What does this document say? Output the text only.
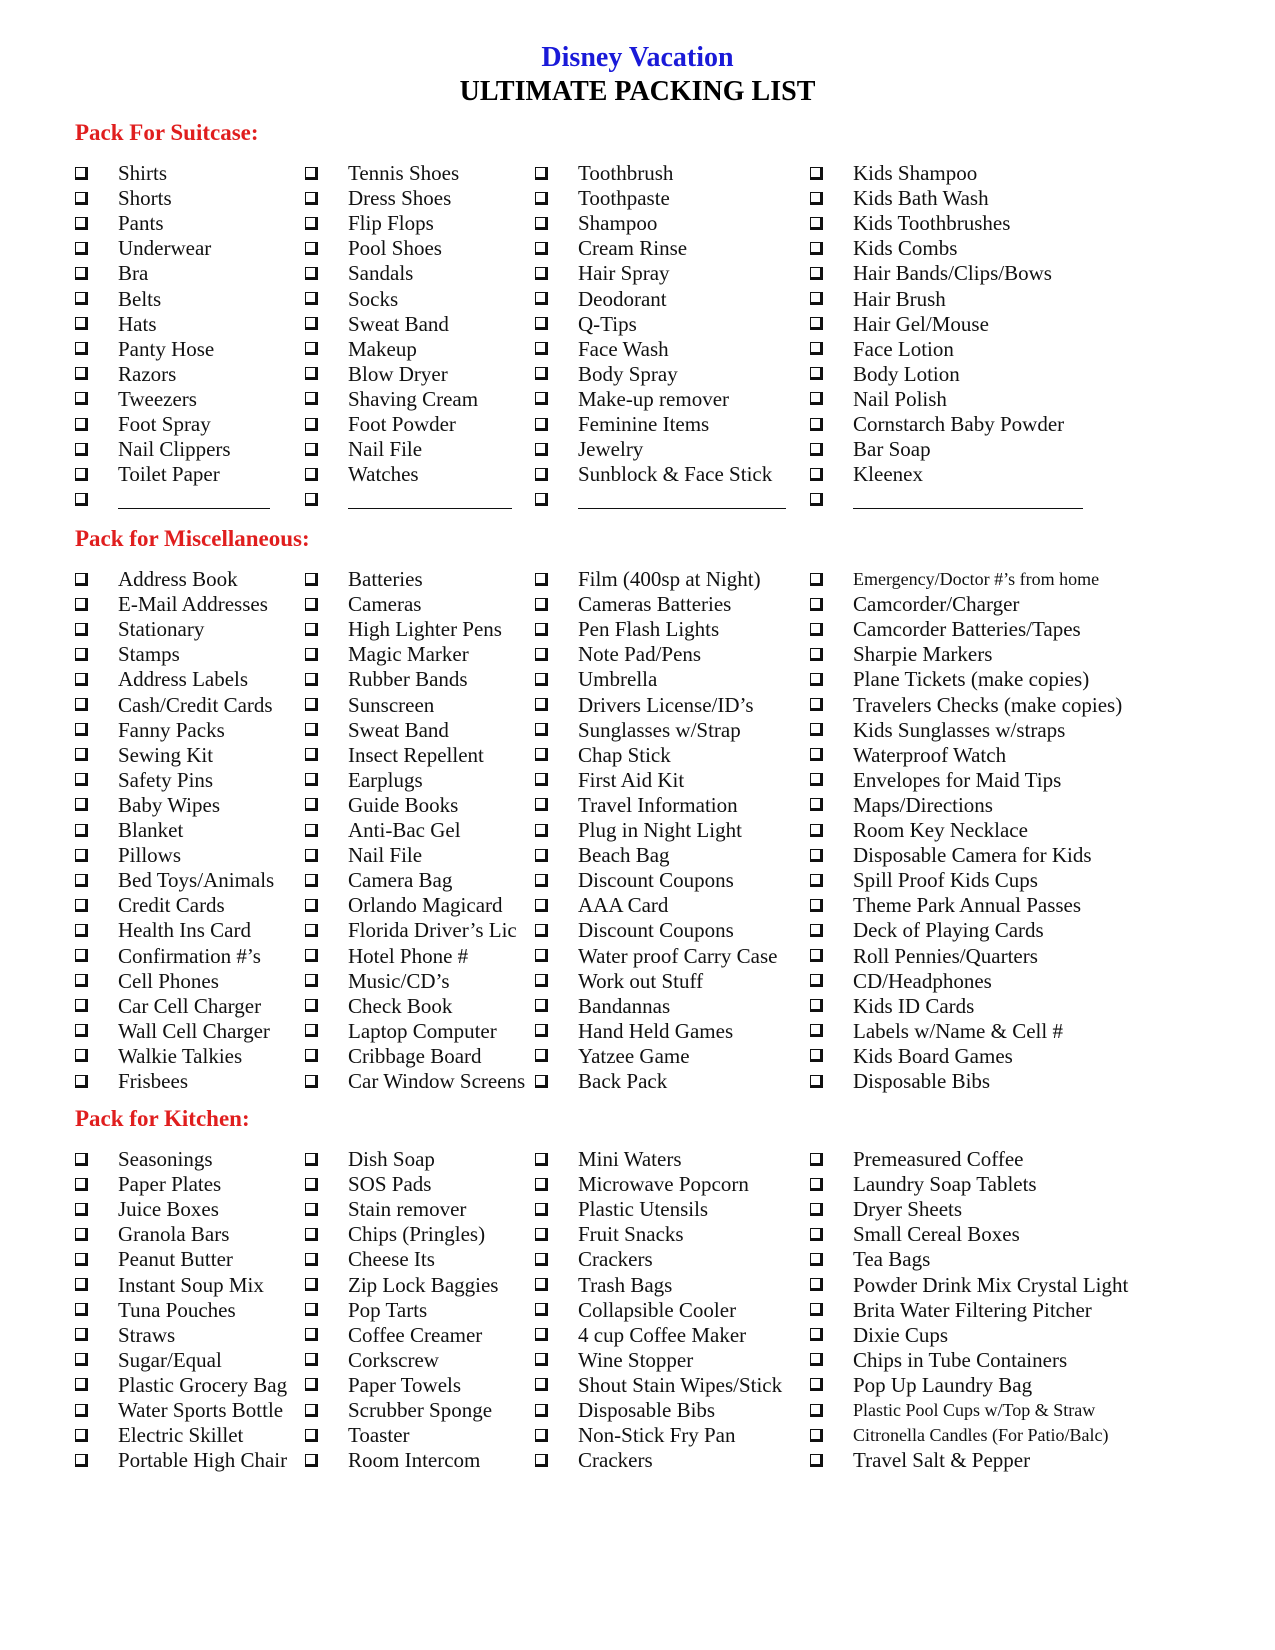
Disney Vacation
ULTIMATE PACKING LIST
Pack For Suitcase:
Shirts
Shorts
Pants
Underwear
Bra
Belts
Hats
Panty Hose
Razors
Tweezers
Foot Spray
Nail Clippers
Toilet Paper
Tennis Shoes
Dress Shoes
Flip Flops
Pool Shoes
Sandals
Socks
Sweat Band
Makeup
Blow Dryer
Shaving Cream
Foot Powder
Nail File
Watches
Toothbrush
Toothpaste
Shampoo
Cream Rinse
Hair Spray
Deodorant
Q-Tips
Face Wash
Body Spray
Make-up remover
Feminine Items
Jewelry
Sunblock & Face Stick
Kids Shampoo
Kids Bath Wash
Kids Toothbrushes
Kids Combs
Hair Bands/Clips/Bows
Hair Brush
Hair Gel/Mouse
Face Lotion
Body Lotion
Nail Polish
Cornstarch Baby Powder
Bar Soap
Kleenex
Pack for Miscellaneous:
Address Book
E-Mail Addresses
Stationary
Stamps
Address Labels
Cash/Credit Cards
Fanny Packs
Sewing Kit
Safety Pins
Baby Wipes
Blanket
Pillows
Bed Toys/Animals
Credit Cards
Health Ins Card
Confirmation #’s
Cell Phones
Car Cell Charger
Wall Cell Charger
Walkie Talkies
Frisbees
Batteries
Cameras
High Lighter Pens
Magic Marker
Rubber Bands
Sunscreen
Sweat Band
Insect Repellent
Earplugs
Guide Books
Anti-Bac Gel
Nail File
Camera Bag
Orlando Magicard
Florida Driver’s Lic
Hotel Phone #
Music/CD’s
Check Book
Laptop Computer
Cribbage Board
Car Window Screens
Film (400sp at Night)
Cameras Batteries
Pen Flash Lights
Note Pad/Pens
Umbrella
Drivers License/ID’s
Sunglasses w/Strap
Chap Stick
First Aid Kit
Travel Information
Plug in Night Light
Beach Bag
Discount Coupons
AAA Card
Discount Coupons
Water proof Carry Case
Work out Stuff
Bandannas
Hand Held Games
Yatzee Game
Back Pack
Emergency/Doctor #’s from home
Camcorder/Charger
Camcorder Batteries/Tapes
Sharpie Markers
Plane Tickets (make copies)
Travelers Checks (make copies)
Kids Sunglasses w/straps
Waterproof Watch
Envelopes for Maid Tips
Maps/Directions
Room Key Necklace
Disposable Camera for Kids
Spill Proof Kids Cups
Theme Park Annual Passes
Deck of Playing Cards
Roll Pennies/Quarters
CD/Headphones
Kids ID Cards
Labels w/Name & Cell #
Kids Board Games
Disposable Bibs
Pack for Kitchen:
Seasonings
Paper Plates
Juice Boxes
Granola Bars
Peanut Butter
Instant Soup Mix
Tuna Pouches
Straws
Sugar/Equal
Plastic Grocery Bag
Water Sports Bottle
Electric Skillet
Portable High Chair
Dish Soap
SOS Pads
Stain remover
Chips (Pringles)
Cheese Its
Zip Lock Baggies
Pop Tarts
Coffee Creamer
Corkscrew
Paper Towels
Scrubber Sponge
Toaster
Room Intercom
Mini Waters
Microwave Popcorn
Plastic Utensils
Fruit Snacks
Crackers
Trash Bags
Collapsible Cooler
4 cup Coffee Maker
Wine Stopper
Shout Stain Wipes/Stick
Disposable Bibs
Non-Stick Fry Pan
Crackers
Premeasured Coffee
Laundry Soap Tablets
Dryer Sheets
Small Cereal Boxes
Tea Bags
Powder Drink Mix Crystal Light
Brita Water Filtering Pitcher
Dixie Cups
Chips in Tube Containers
Pop Up Laundry Bag
Plastic Pool Cups w/Top & Straw
Citronella Candles (For Patio/Balc)
Travel Salt & Pepper
